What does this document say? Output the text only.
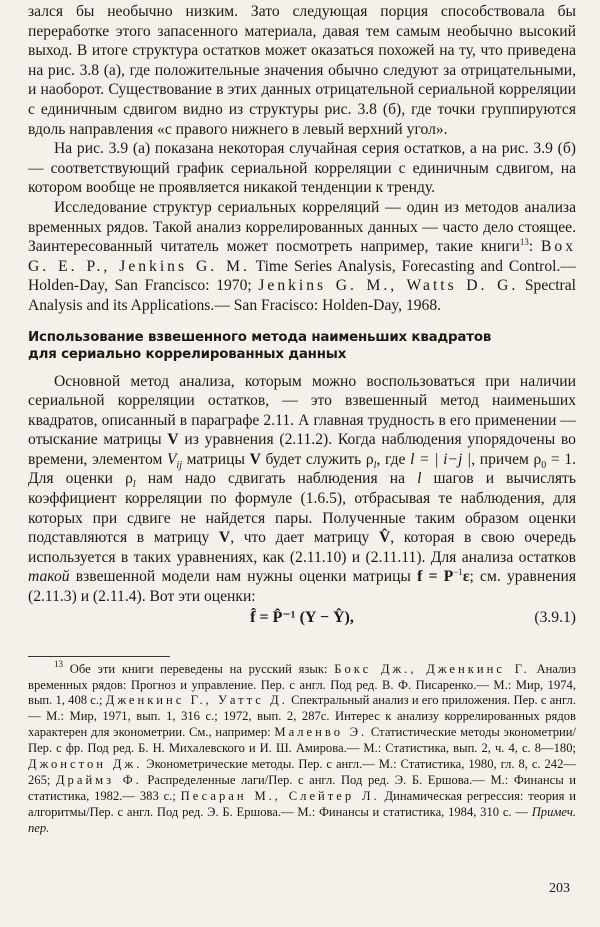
зался бы необычно низким. Зато следующая порция способствовала бы переработке этого запасенного материала, давая тем самым необычно высокий выход. В итоге структура остатков может оказаться похожей на ту, что приведена на рис. 3.8 (а), где положительные значения обычно следуют за отрицательными, и наоборот. Существование в этих данных отрицательной сериальной корреляции с единичным сдвигом видно из структуры рис. 3.8 (б), где точки группируются вдоль направления «с правого нижнего в левый верхний угол».

На рис. 3.9 (а) показана некоторая случайная серия остатков, а на рис. 3.9 (б) — соответствующий график сериальной корреляции с единичным сдвигом, на котором вообще не проявляется никакой тенденции к тренду.

Исследование структур сериальных корреляций — один из методов анализа временных рядов. Такой анализ коррелированных данных — часто дело стоящее. Заинтересованный читатель может посмотреть например, такие книги$^{13}$: Box G. E. P., Jenkins G. M. Time Series Analysis, Forecasting and Control.— Holden-Day, San Francisco: 1970; Jenkins G. M., Watts D. G. Spectral Analysis and its Applications.— San Fracisco: Holden-Day, 1968.

Использование взвешенного метода наименьших квадратов
для сериально коррелированных данных

Основной метод анализа, которым можно воспользоваться при наличии сериальной корреляции остатков, — это взвешенный метод наименьших квадратов, описанный в параграфе 2.11. А главная трудность в его применении — отыскание матрицы V из уравнения (2.11.2). Когда наблюдения упорядочены во времени, элементом $V_{ij}$ матрицы V будет служить $\rho_l$, где l = | i−j |, причем $\rho_0 = 1$. Для оценки $\rho_l$ нам надо сдвигать наблюдения на l шагов и вычислять коэффициент корреляции по формуле (1.6.5), отбрасывая те наблюдения, для которых при сдвиге не найдется пары. Полученные таким образом оценки подставляются в матрицу V, что дает матрицу V̂, которая в свою очередь используется в таких уравнениях, как (2.11.10) и (2.11.11). Для анализа остатков такой взвешенной модели нам нужны оценки матрицы $f = P^{-1}\varepsilon$; см. уравнения (2.11.3) и (2.11.4). Вот эти оценки:

f̂ = P̂⁻¹ (Y − Ŷ),	(3.9.1)

$^{13}$ Обе эти книги переведены на русский язык: Бокс Дж., Дженкинс Г. Анализ временных рядов: Прогноз и управление. Пер. с англ. Под ред. В. Ф. Писаренко.— М.: Мир, 1974, вып. 1, 408 с.; Дженкинс Г., Уаттс Д. Спектральный анализ и его приложения. Пер. с англ.— М.: Мир, 1971, вып. 1, 316 с.; 1972, вып. 2, 287с. Интерес к анализу коррелированных рядов характерен для эконометрии. См., например: Маленво Э. Статистические методы эконометрии/Пер. с фр. Под ред. Б. Н. Михалевского и И. Ш. Амирова.— М.: Статистика, вып. 2, ч. 4, с. 8—180; Джонстон Дж. Эконометрические методы. Пер. с англ.— М.: Статистика, 1980, гл. 8, с. 242—265; Драймз Ф. Распределенные лаги/Пер. с англ. Под ред. Э. Б. Ершова.— М.: Финансы и статистика, 1982.— 383 с.; Песаран М., Слейтер Л. Динамическая регрессия: теория и алгоритмы/Пер. с англ. Под ред. Э. Б. Ершова.— М.: Финансы и статистика, 1984, 310 с. — Примеч. пер.

203
